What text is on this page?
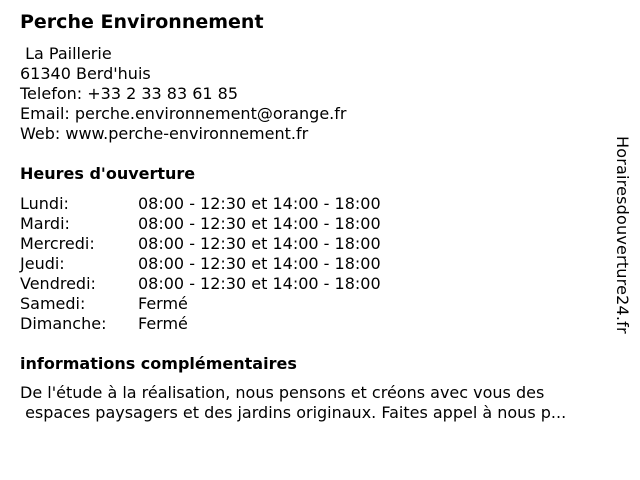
Perche Environnement
La Paillerie
61340 Berd'huis
Telefon: +33 2 33 83 61 85
Email: perche.environnement@orange.fr
Web: www.perche-environnement.fr
Heures d'ouverture
Lundi:	08:00 - 12:30 et 14:00 - 18:00
Mardi:	08:00 - 12:30 et 14:00 - 18:00
Mercredi:	08:00 - 12:30 et 14:00 - 18:00
Jeudi:	08:00 - 12:30 et 14:00 - 18:00
Vendredi:	08:00 - 12:30 et 14:00 - 18:00
Samedi:	Fermé
Dimanche: Fermé
informations complémentaires
De l'étude à la réalisation, nous pensons et créons avec vous des
espaces paysagers et des jardins originaux. Faites appel à nous p...
Horairesdouverture24.fr
